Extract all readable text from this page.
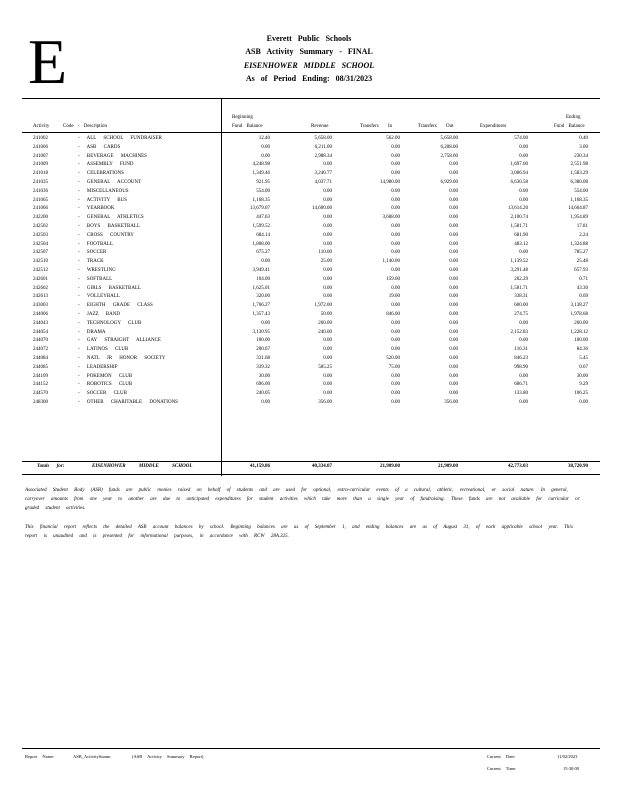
E	Everett Public Schools
ASB Activity Summary - FINAL
EISENHOWER MIDDLE SCHOOL
As of Period Ending: 08/31/2023
Activity	Code - Description
Beginning
Fund Balance	Revenue	Transfers In	Transfers Out	Expenditures
Ending
Fund Balance
241002	- ALL SCHOOL FUNDRAISER	12.40	5,658.00	562.00	5,658.00	574.00	0.40
241006	- ASB CARDS	0.00	6,211.00	0.00	6,208.00	0.00	3.00
241007	- BEVERAGE MACHINES	0.00	2,988.34	0.00	2,758.00	0.00	230.34
241009	- ASSEMBLY FUND	4,248.98	0.00	0.00	0.00	1,697.00	2,551.98
241018	- CELEBRATIONS	1,349.46	3,240.77	0.00	0.00	3,006.94	1,583.29
241035	- GENERAL ACCOUNT	921.95	4,037.71	14,980.00	6,929.00	6,630.58	6,380.08
241036	- MISCELLANEOUS	554.00	0.00	0.00	0.00	0.00	554.00
241065	- ACTIVITY BUS	1,168.35	0.00	0.00	0.00	0.00	1,168.35
241066	- YEARBOOK	13,679.07	14,600.00	0.00	0.00	13,614.20	14,664.87
242200	- GENERAL ATHLETICS	447.63	0.00	3,608.00	0.00	2,100.74	1,954.89
242502	- BOYS BASKETBALL	1,599.52	0.00	0.00	0.00	1,581.71	17.81
242503	- CROSS COUNTRY	684.14	0.00	0.00	0.00	681.90	2.24
242504	- FOOTBALL	1,808.00	0.00	0.00	0.00	483.12	1,324.88
242507	- SOCCER	675.27	110.00	0.00	0.00	0.00	785.27
242510	- TRACK	0.00	25.00	1,140.00	0.00	1,139.52	25.48
242512	- WRESTLING	3,949.41	0.00	0.00	0.00	3,291.48	657.93
242601	- SOFTBALL	104.00	0.00	159.00	0.00	262.29	0.71
242602	- GIRLS BASKETBALL	1,625.01	0.00	0.00	0.00	1,581.71	43.30
242613	- VOLLEYBALL	320.00	0.00	19.00	0.00	338.31	0.69
243003	- EIGHTH GRADE CLASS	1,766.27	1,972.00	0.00	0.00	600.00	3,138.27
244006	- JAZZ BAND	1,357.43	50.00	846.00	0.00	274.75	1,978.68
244043	- TECHNOLOGY CLUB	0.00	260.00	0.00	0.00	0.00	260.00
244054	- DRAMA	3,130.95	240.00	0.00	0.00	2,152.83	1,228.12
244070	- GAY STRAIGHT ALLIANCE	100.00	0.00	0.00	0.00	0.00	100.00
244072	- LATINOS CLUB	200.67	0.00	0.00	0.00	116.31	84.36
244084	- NATL JR HONOR SOCIETY	331.68	0.00	520.00	0.00	846.23	5.45
244085	- LEADERSHIP	339.32	585.25	75.00	0.00	998.90	0.67
244109	- POKEMON CLUB	30.00	0.00	0.00	0.00	0.00	30.00
244152	- ROBOTICS CLUB	696.00	0.00	0.00	0.00	686.71	9.29
244570	- SOCCER CLUB	240.05	0.00	0.00	0.00	133.80	106.25
248300	- OTHER CHARITABLE DONATIONS	0.00	356.00	0.00	356.00	0.00	0.00
Totals for:	EISENHOWER MIDDLE SCHOOL	41,159.86	40,334.07	21,909.00	21,909.00	42,773.03	38,720.90
Associated Student Body (ASB) funds are public monies raised on behalf of students and are used for optional, extra-curricular events of a cultural, athletic, recreational, or social nature. In general, carryover amounts from one year to another are due to anticipated expenditures for student activities which take more than a single year of fundraising. These funds are not available for curricular or graded student activities.
This financial report reflects the detailed ASB account balances by school. Beginning balances are as of September 1, and ending balances are as of August 31, of each applicable school year. This report is unaudited and is presented for informational purposes, in accordance with RCW 28A.325.
Report Name:	ASB_ActivitySumm	(ASB Activity Summary Report)	Current Date:	11/02/2023
Current Time:	15:30:00
